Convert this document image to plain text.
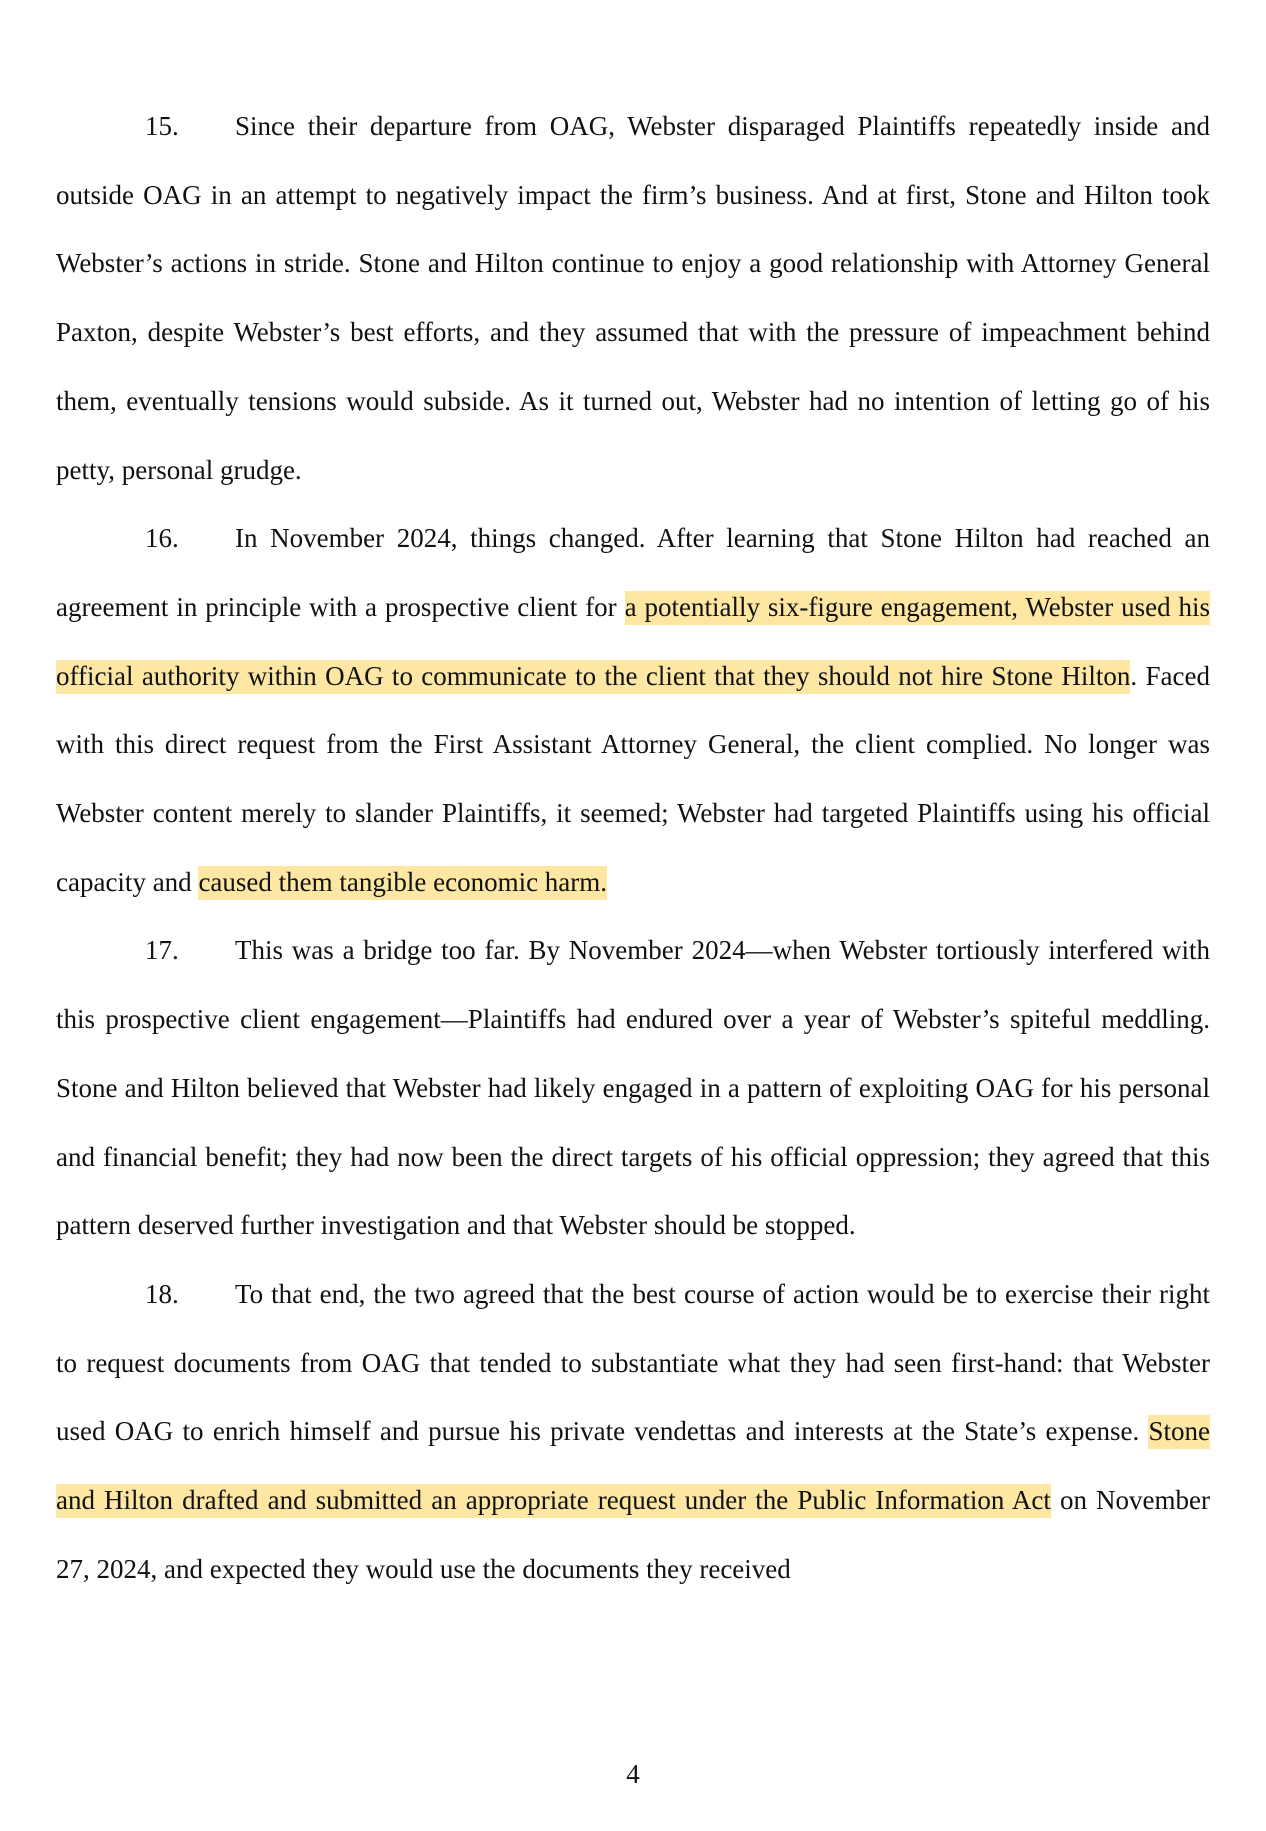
15. Since their departure from OAG, Webster disparaged Plaintiffs repeatedly inside and outside OAG in an attempt to negatively impact the firm’s business. And at first, Stone and Hilton took Webster’s actions in stride. Stone and Hilton continue to enjoy a good relationship with Attorney General Paxton, despite Webster’s best efforts, and they assumed that with the pressure of impeachment behind them, eventually tensions would subside. As it turned out, Webster had no intention of letting go of his petty, personal grudge.

16. In November 2024, things changed. After learning that Stone Hilton had reached an agreement in principle with a prospective client for a potentially six-figure engagement, Webster used his official authority within OAG to communicate to the client that they should not hire Stone Hilton. Faced with this direct request from the First Assistant Attorney General, the client complied. No longer was Webster content merely to slander Plaintiffs, it seemed; Webster had targeted Plaintiffs using his official capacity and caused them tangible economic harm.

17. This was a bridge too far. By November 2024—when Webster tortiously interfered with this prospective client engagement—Plaintiffs had endured over a year of Webster’s spiteful meddling. Stone and Hilton believed that Webster had likely engaged in a pattern of exploiting OAG for his personal and financial benefit; they had now been the direct targets of his official oppression; they agreed that this pattern deserved further investigation and that Webster should be stopped.

18. To that end, the two agreed that the best course of action would be to exercise their right to request documents from OAG that tended to substantiate what they had seen first-hand: that Webster used OAG to enrich himself and pursue his private vendettas and interests at the State’s expense. Stone and Hilton drafted and submitted an appropriate request under the Public Information Act on November 27, 2024, and expected they would use the documents they received

4
